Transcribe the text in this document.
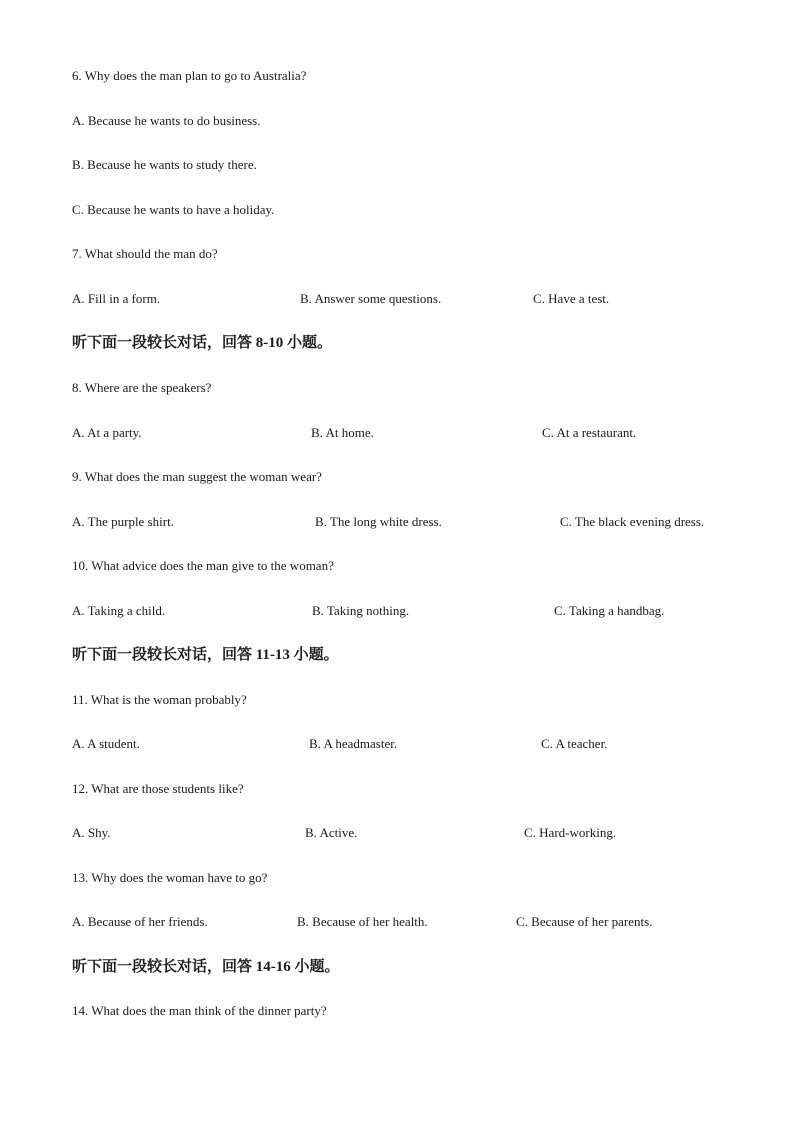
6. Why does the man plan to go to Australia?
A. Because he wants to do business.
B. Because he wants to study there.
C. Because he wants to have a holiday.
7. What should the man do?
A. Fill in a form.	B. Answer some questions.	C. Have a test.
听下面一段较长对话，回答 8-10 小题。
8. Where are the speakers?
A. At a party.	B. At home.	C. At a restaurant.
9. What does the man suggest the woman wear?
A. The purple shirt.	B. The long white dress.	C. The black evening dress.
10. What advice does the man give to the woman?
A. Taking a child.	B. Taking nothing.	C. Taking a handbag.
听下面一段较长对话，回答 11-13 小题。
11. What is the woman probably?
A. A student.	B. A headmaster.	C. A teacher.
12. What are those students like?
A. Shy.	B. Active.	C. Hard-working.
13. Why does the woman have to go?
A. Because of her friends.	B. Because of her health.	C. Because of her parents.
听下面一段较长对话，回答 14-16 小题。
14. What does the man think of the dinner party?
